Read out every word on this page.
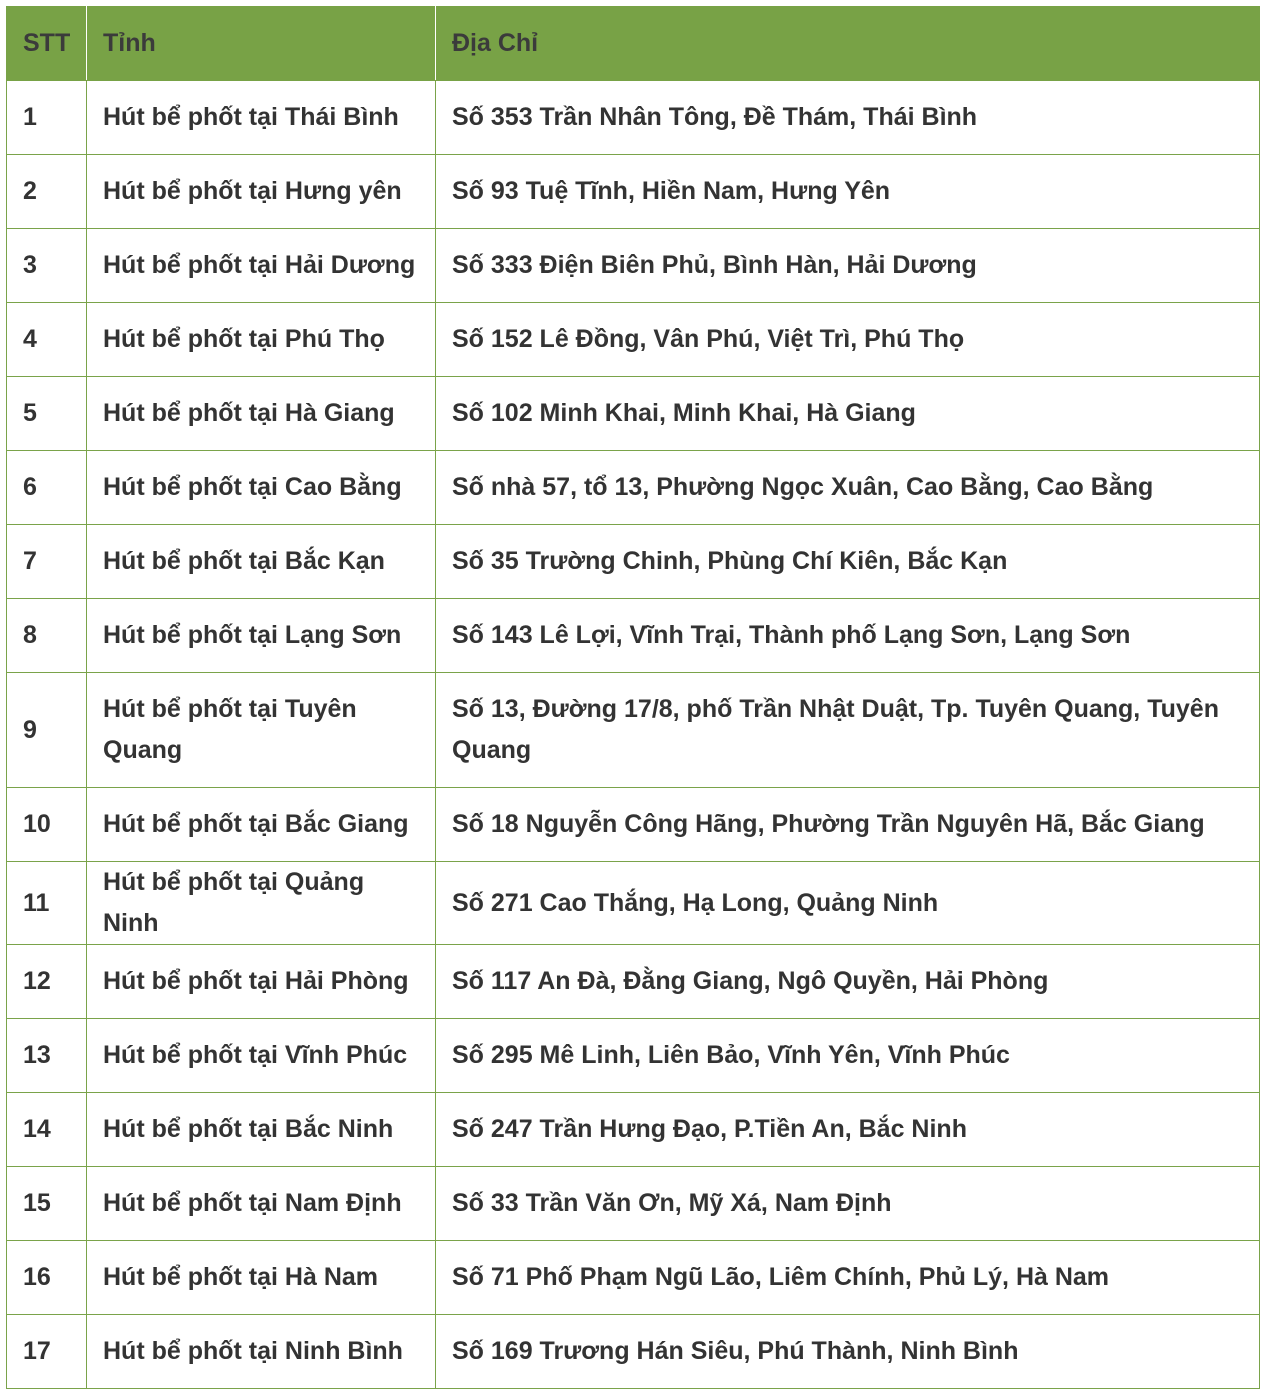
STT	Tỉnh	Địa Chỉ
1	Hút bể phốt tại Thái Bình	Số 353 Trần Nhân Tông, Đề Thám, Thái Bình
2	Hút bể phốt tại Hưng yên	Số 93 Tuệ Tĩnh, Hiền Nam, Hưng Yên
3	Hút bể phốt tại Hải Dương	Số 333 Điện Biên Phủ, Bình Hàn, Hải Dương
4	Hút bể phốt tại Phú Thọ	Số 152 Lê Đồng, Vân Phú, Việt Trì, Phú Thọ
5	Hút bể phốt tại Hà Giang	Số 102 Minh Khai, Minh Khai, Hà Giang
6	Hút bể phốt tại Cao Bằng	Số nhà 57, tổ 13, Phường Ngọc Xuân, Cao Bằng, Cao Bằng
7	Hút bể phốt tại Bắc Kạn	Số 35 Trường Chinh, Phùng Chí Kiên, Bắc Kạn
8	Hút bể phốt tại Lạng Sơn	Số 143 Lê Lợi, Vĩnh Trại, Thành phố Lạng Sơn, Lạng Sơn
9	Hút bể phốt tại Tuyên Quang	Số 13, Đường 17/8, phố Trần Nhật Duật, Tp. Tuyên Quang, Tuyên Quang
10	Hút bể phốt tại Bắc Giang	Số 18 Nguyễn Công Hãng, Phường Trần Nguyên Hã, Bắc Giang
11	Hút bể phốt tại Quảng Ninh	Số 271 Cao Thắng, Hạ Long, Quảng Ninh
12	Hút bể phốt tại Hải Phòng	Số 117 An Đà, Đằng Giang, Ngô Quyền, Hải Phòng
13	Hút bể phốt tại Vĩnh Phúc	Số 295 Mê Linh, Liên Bảo, Vĩnh Yên, Vĩnh Phúc
14	Hút bể phốt tại Bắc Ninh	Số 247 Trần Hưng Đạo, P.Tiền An, Bắc Ninh
15	Hút bể phốt tại Nam Định	Số 33 Trần Văn Ơn, Mỹ Xá, Nam Định
16	Hút bể phốt tại Hà Nam	Số 71 Phố Phạm Ngũ Lão, Liêm Chính, Phủ Lý, Hà Nam
17	Hút bể phốt tại Ninh Bình	Số 169 Trương Hán Siêu, Phú Thành, Ninh Bình
